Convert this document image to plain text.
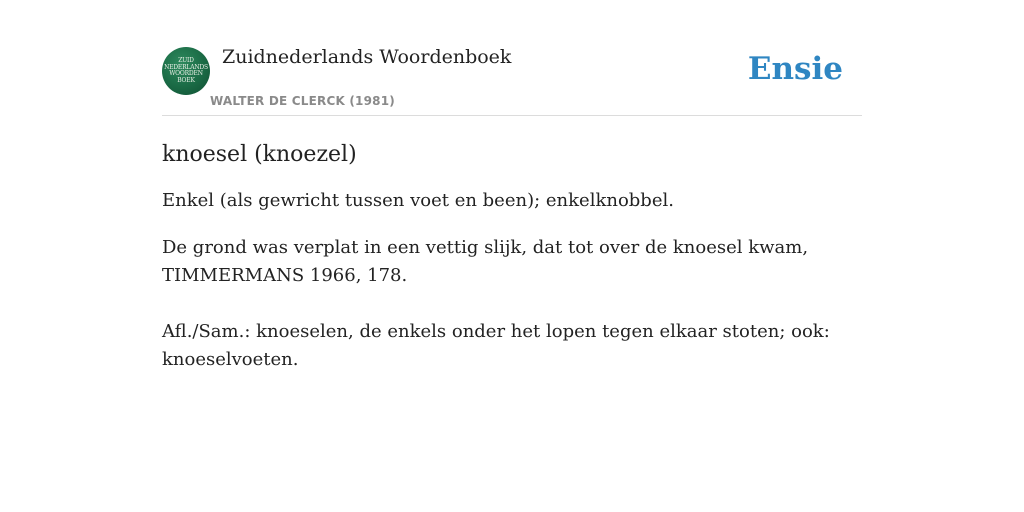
ZUID
NEDERLANDS
WOORDEN
BOEK
Zuidnederlands Woordenboek
WALTER DE CLERCK (1981)
Ensie
knoesel (knoezel)

Enkel (als gewricht tussen voet en been); enkelknobbel.

De grond was verplat in een vettig slijk, dat tot over de knoesel kwam, TIMMERMANS 1966, 178.

Afl./Sam.: knoeselen, de enkels onder het lopen tegen elkaar stoten; ook: knoeselvoeten.
